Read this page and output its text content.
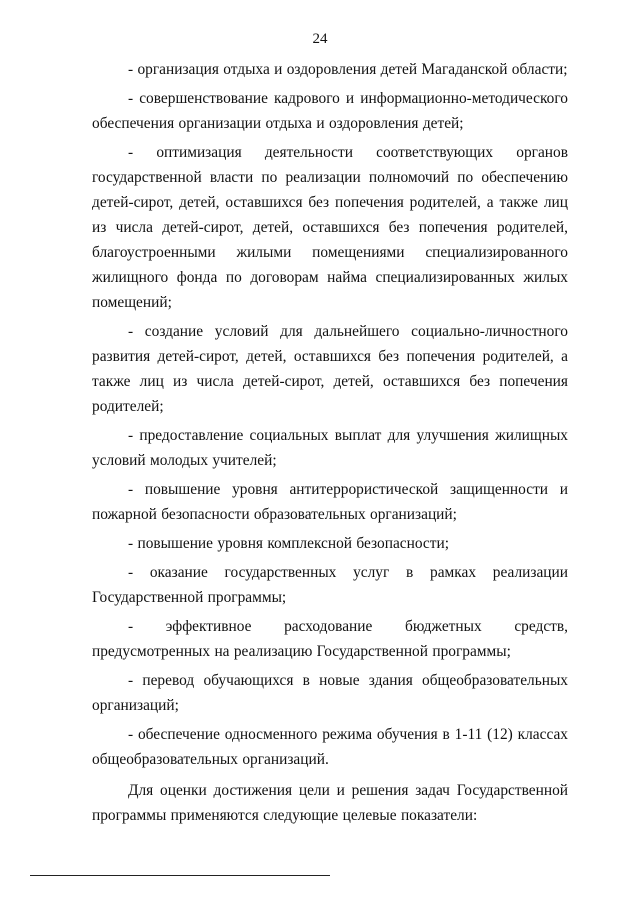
24

- организация отдыха и оздоровления детей Магаданской области;

- совершенствование кадрового и информационно-методического обеспечения организации отдыха и оздоровления детей;

- оптимизация деятельности соответствующих органов государственной власти по реализации полномочий по обеспечению детей-сирот, детей, оставшихся без попечения родителей, а также лиц из числа детей-сирот, детей, оставшихся без попечения родителей, благоустроенными жилыми помещениями специализированного жилищного фонда по договорам найма специализированных жилых помещений;

- создание условий для дальнейшего социально-личностного развития детей-сирот, детей, оставшихся без попечения родителей, а также лиц из числа детей-сирот, детей, оставшихся без попечения родителей;

- предоставление социальных выплат для улучшения жилищных условий молодых учителей;

- повышение уровня антитеррористической защищенности и пожарной безопасности образовательных организаций;

- повышение уровня комплексной безопасности;

- оказание государственных услуг в рамках реализации Государственной программы;

- эффективное расходование бюджетных средств, предусмотренных на реализацию Государственной программы;

- перевод обучающихся в новые здания общеобразовательных организаций;

- обеспечение односменного режима обучения в 1-11 (12) классах общеобразовательных организаций.

Для оценки достижения цели и решения задач Государственной программы применяются следующие целевые показатели:
